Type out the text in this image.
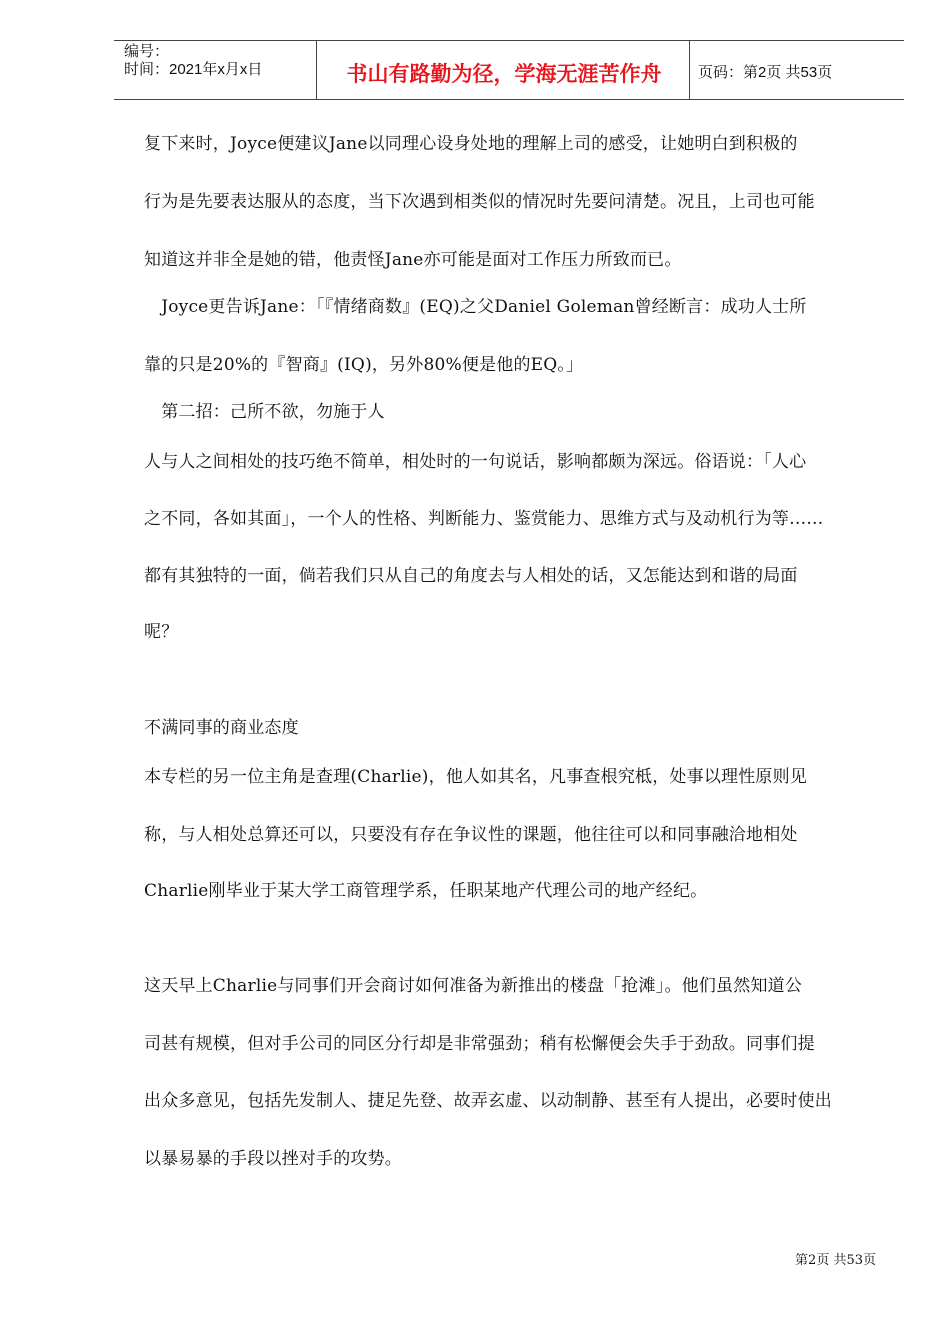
编号：
时间：2021年x月x日	书山有路勤为径，学海无涯苦作舟	页码：第2页 共53页
复下来时，Joyce便建议Jane以同理心设身处地的理解上司的感受，让她明白到积极的
行为是先要表达服从的态度，当下次遇到相类似的情况时先要问清楚。况且，上司也可能
知道这并非全是她的错，他责怪Jane亦可能是面对工作压力所致而已。
　Joyce更告诉Jane：「『情绪商数』(EQ)之父Daniel Goleman曾经断言：成功人士所
靠的只是20%的『智商』(IQ)，另外80%便是他的EQ。」
　第二招：己所不欲，勿施于人
人与人之间相处的技巧绝不简单，相处时的一句说话，影响都颇为深远。俗语说：「人心
之不同，各如其面」，一个人的性格、判断能力、鉴赏能力、思维方式与及动机行为等……
都有其独特的一面，倘若我们只从自己的角度去与人相处的话，又怎能达到和谐的局面
呢？
不满同事的商业态度
本专栏的另一位主角是查理(Charlie)，他人如其名，凡事查根究柢，处事以理性原则见
称，与人相处总算还可以，只要没有存在争议性的课题，他往往可以和同事融洽地相处
Charlie刚毕业于某大学工商管理学系，任职某地产代理公司的地产经纪。
这天早上Charlie与同事们开会商讨如何准备为新推出的楼盘「抢滩」。他们虽然知道公
司甚有规模，但对手公司的同区分行却是非常强劲；稍有松懈便会失手于劲敌。同事们提
出众多意见，包括先发制人、捷足先登、故弄玄虚、以动制静、甚至有人提出，必要时使出
以暴易暴的手段以挫对手的攻势。
第2页 共53页
